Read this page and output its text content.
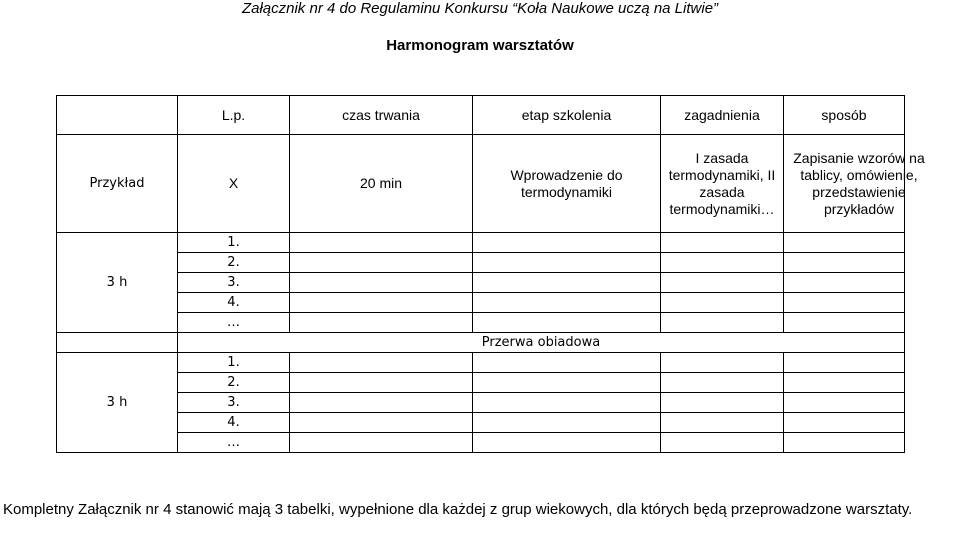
Załącznik nr 4 do Regulaminu Konkursu “Koła Naukowe uczą na Litwie”
Harmonogram warsztatów
	L.p.	czas trwania	etap szkolenia	zagadnienia	sposób
Przykład	X	20 min	Wprowadzenie do termodynamiki	I zasada termodynamiki, II zasada termodynamiki…	Zapisanie wzorów na tablicy, omówienie, przedstawienie przykładów

3 h	1.				
	2.				
	3.				
	4.				
	…				
	Przerwa obiadowa				
3 h	1.				
	2.				
	3.				
	4.				
	…				
Kompletny Załącznik nr 4 stanowić mają 3 tabelki, wypełnione dla każdej z grup wiekowych, dla których będą przeprowadzone warsztaty.
